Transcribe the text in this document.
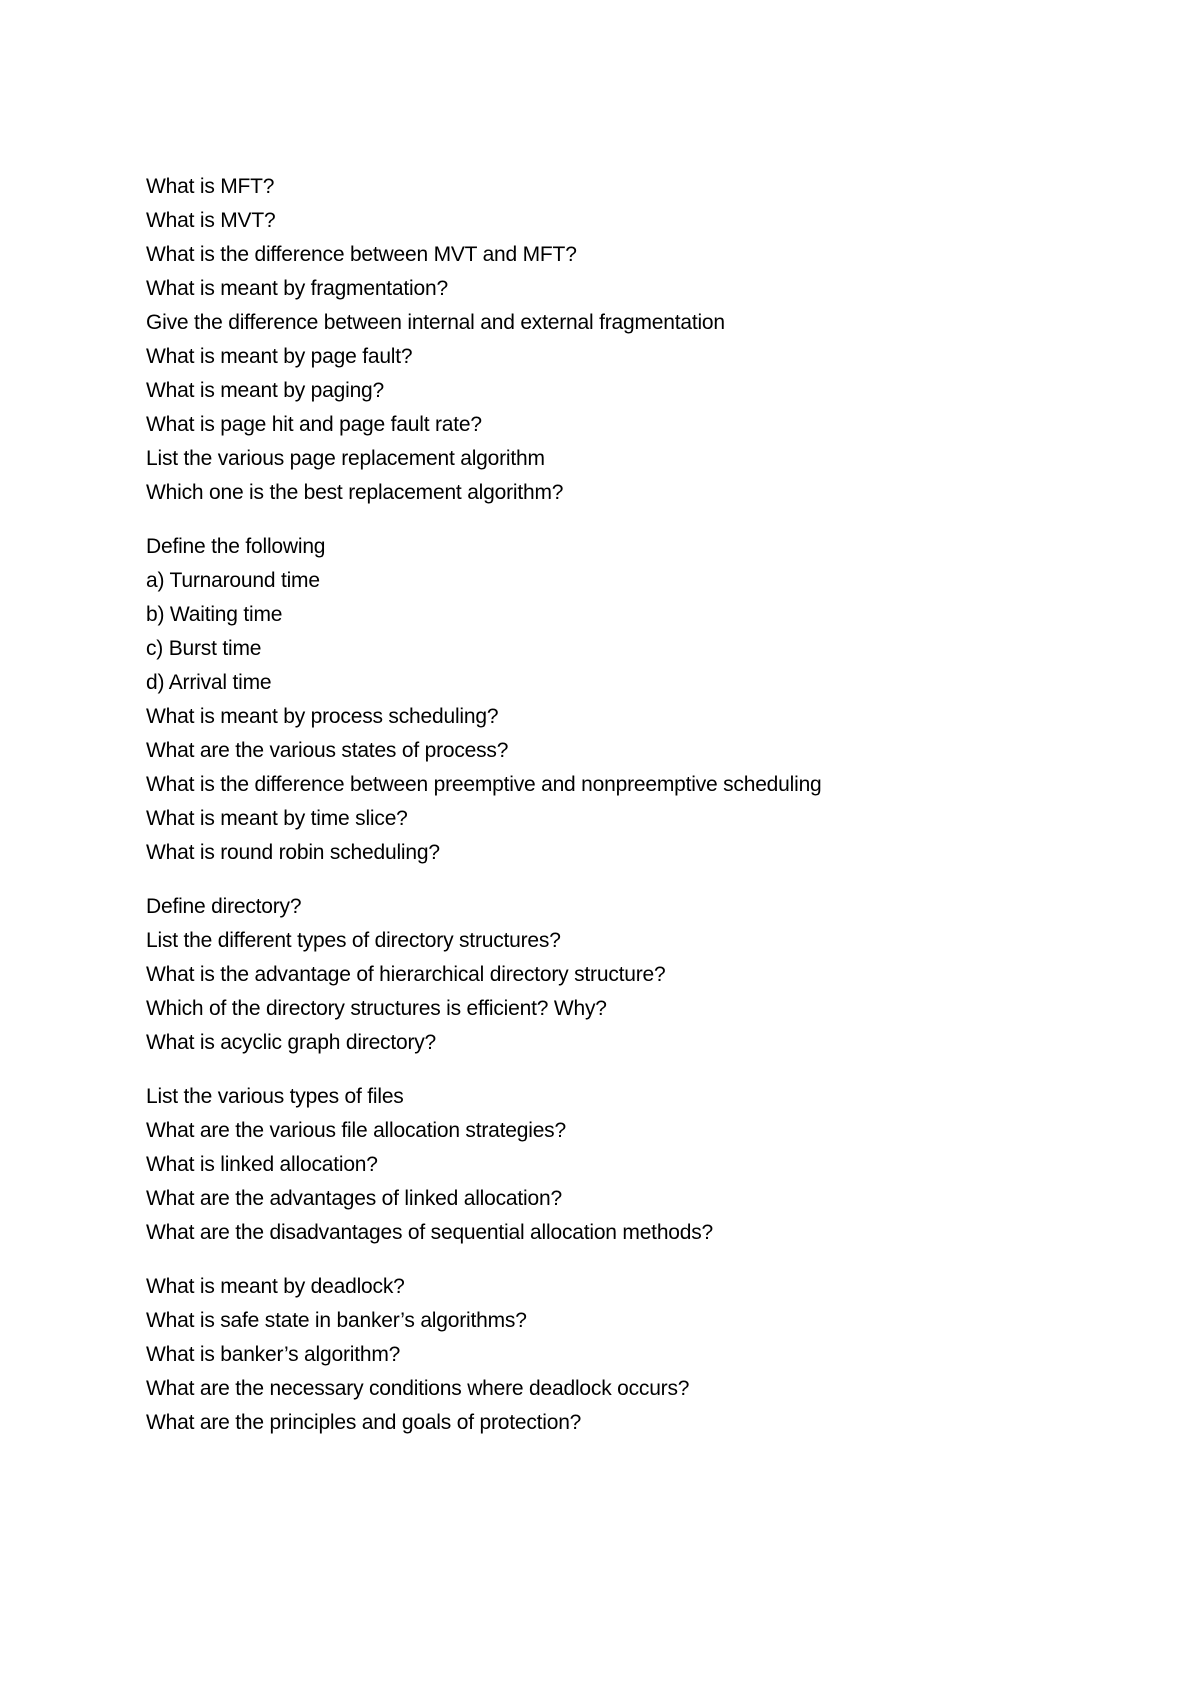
What is MFT?
What is MVT?
What is the difference between MVT and MFT?
What is meant by fragmentation?
Give the difference between internal and external fragmentation
What is meant by page fault?
What is meant by paging?
What is page hit and page fault rate?
List the various page replacement algorithm
Which one is the best replacement algorithm?
Define the following
a) Turnaround time
b) Waiting time
c) Burst time
d) Arrival time
What is meant by process scheduling?
What are the various states of process?
What is the difference between preemptive and nonpreemptive scheduling
What is meant by time slice?
What is round robin scheduling?
Define directory?
List the different types of directory structures?
What is the advantage of hierarchical directory structure?
Which of the directory structures is efficient? Why?
What is acyclic graph directory?
List the various types of files
What are the various file allocation strategies?
What is linked allocation?
What are the advantages of linked allocation?
What are the disadvantages of sequential allocation methods?
What is meant by deadlock?
What is safe state in banker’s algorithms?
What is banker’s algorithm?
What are the necessary conditions where deadlock occurs?
What are the principles and goals of protection?
